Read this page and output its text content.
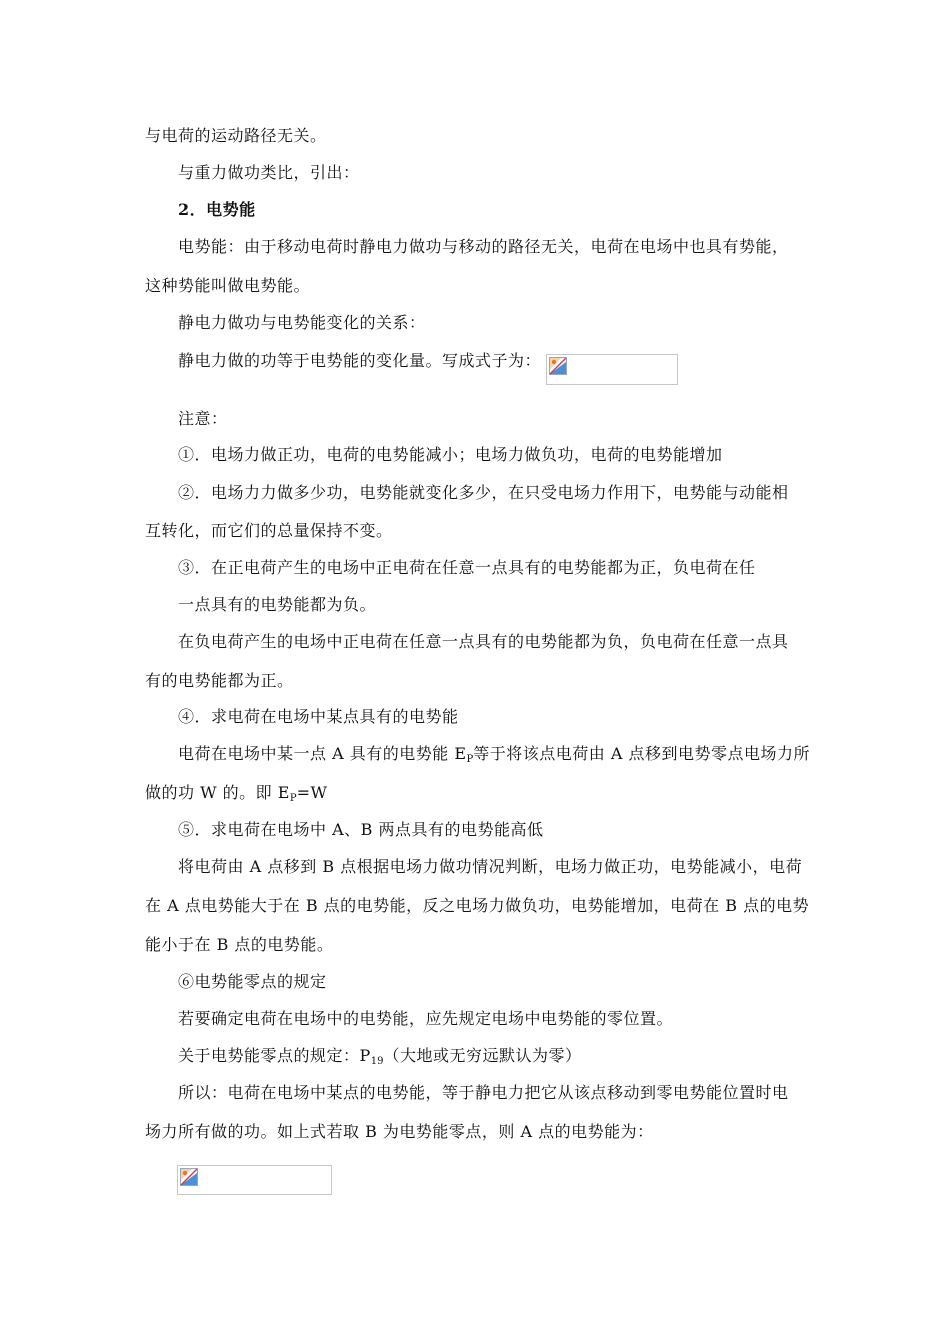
与电荷的运动路径无关。
与重力做功类比，引出：
2．电势能
电势能：由于移动电荷时静电力做功与移动的路径无关，电荷在电场中也具有势能，
这种势能叫做电势能。
静电力做功与电势能变化的关系：
静电力做的功等于电势能的变化量。写成式子为：
注意：
①．电场力做正功，电荷的电势能减小；电场力做负功，电荷的电势能增加
②．电场力力做多少功，电势能就变化多少，在只受电场力作用下，电势能与动能相
互转化，而它们的总量保持不变。
③．在正电荷产生的电场中正电荷在任意一点具有的电势能都为正，负电荷在任
一点具有的电势能都为负。
在负电荷产生的电场中正电荷在任意一点具有的电势能都为负，负电荷在任意一点具
有的电势能都为正。
④．求电荷在电场中某点具有的电势能
电荷在电场中某一点 A 具有的电势能 $E_P$等于将该点电荷由 A 点移到电势零点电场力所
做的功 W 的。即 $E_P=W$
⑤．求电荷在电场中 A、B 两点具有的电势能高低
将电荷由 A 点移到 B 点根据电场力做功情况判断，电场力做正功，电势能减小，电荷
在 A 点电势能大于在 B 点的电势能，反之电场力做负功，电势能增加，电荷在 B 点的电势
能小于在 B 点的电势能。
⑥电势能零点的规定
若要确定电荷在电场中的电势能，应先规定电场中电势能的零位置。
关于电势能零点的规定：$P_{19}$（大地或无穷远默认为零）
所以：电荷在电场中某点的电势能，等于静电力把它从该点移动到零电势能位置时电
场力所有做的功。如上式若取 B 为电势能零点，则 A 点的电势能为：
